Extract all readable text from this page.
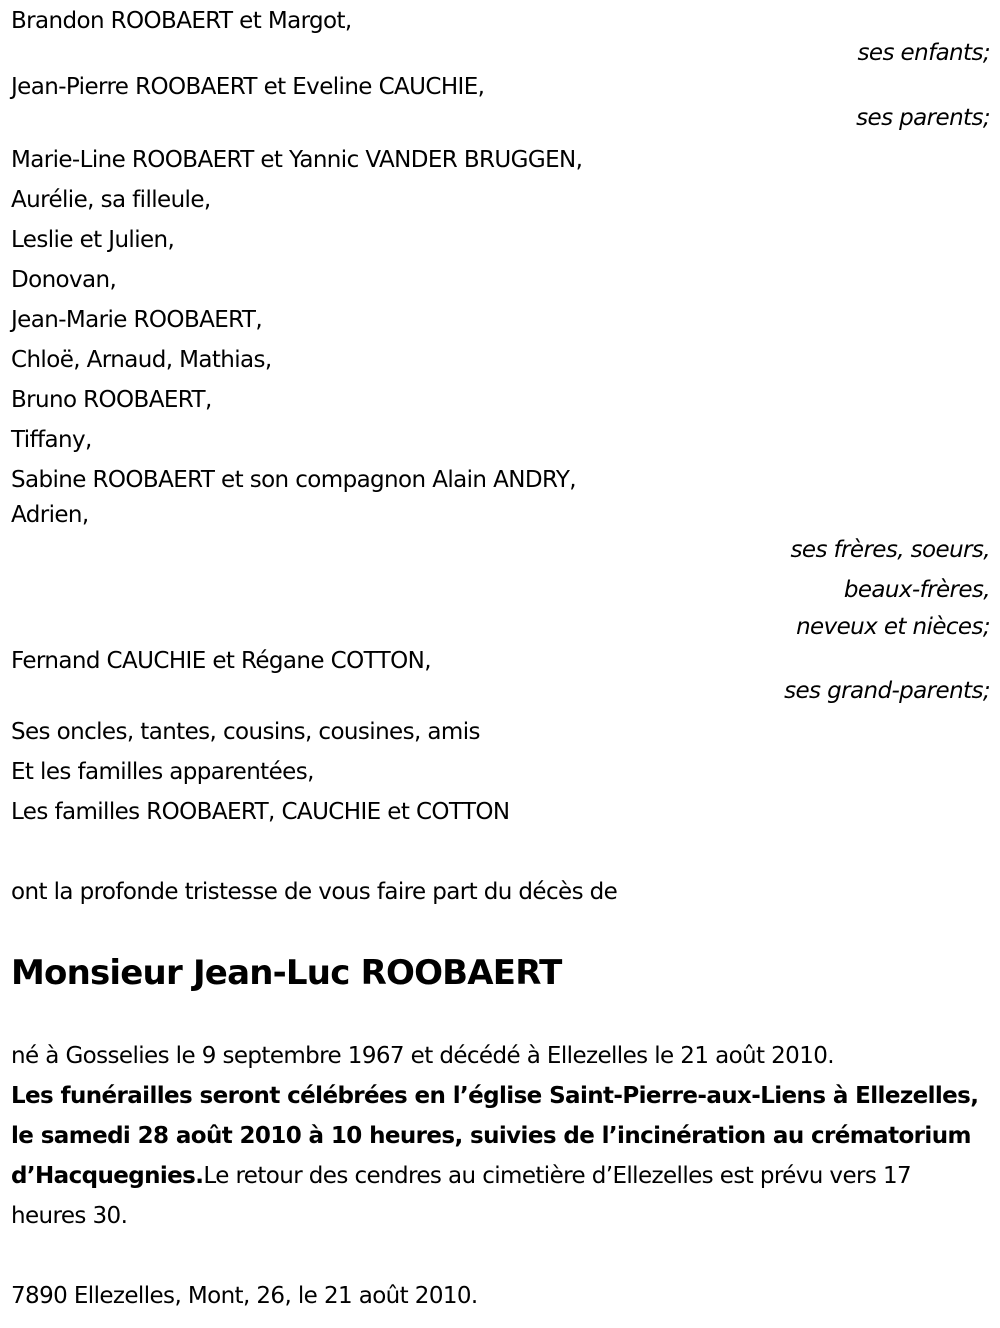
Brandon ROOBAERT et Margot,
ses enfants;
Jean-Pierre ROOBAERT et Eveline CAUCHIE,
ses parents;
Marie-Line ROOBAERT et Yannic VANDER BRUGGEN,
Aurélie, sa filleule,
Leslie et Julien,
Donovan,
Jean-Marie ROOBAERT,
Chloë, Arnaud, Mathias,
Bruno ROOBAERT,
Tiffany,
Sabine ROOBAERT et son compagnon Alain ANDRY,
Adrien,
ses frères, soeurs,
beaux-frères,
neveux et nièces;
Fernand CAUCHIE et Régane COTTON,
ses grand-parents;
Ses oncles, tantes, cousins, cousines, amis
Et les familles apparentées,
Les familles ROOBAERT, CAUCHIE et COTTON
ont la profonde tristesse de vous faire part du décès de
Monsieur Jean-Luc ROOBAERT
né à Gosselies le 9 septembre 1967 et décédé à Ellezelles le 21 août 2010.
Les funérailles seront célébrées en l’église Saint-Pierre-aux-Liens à Ellezelles, le samedi 28 août 2010 à 10 heures, suivies de l’incinération au crématorium d’Hacquegnies.Le retour des cendres au cimetière d’Ellezelles est prévu vers 17 heures 30.
7890 Ellezelles, Mont, 26, le 21 août 2010.
